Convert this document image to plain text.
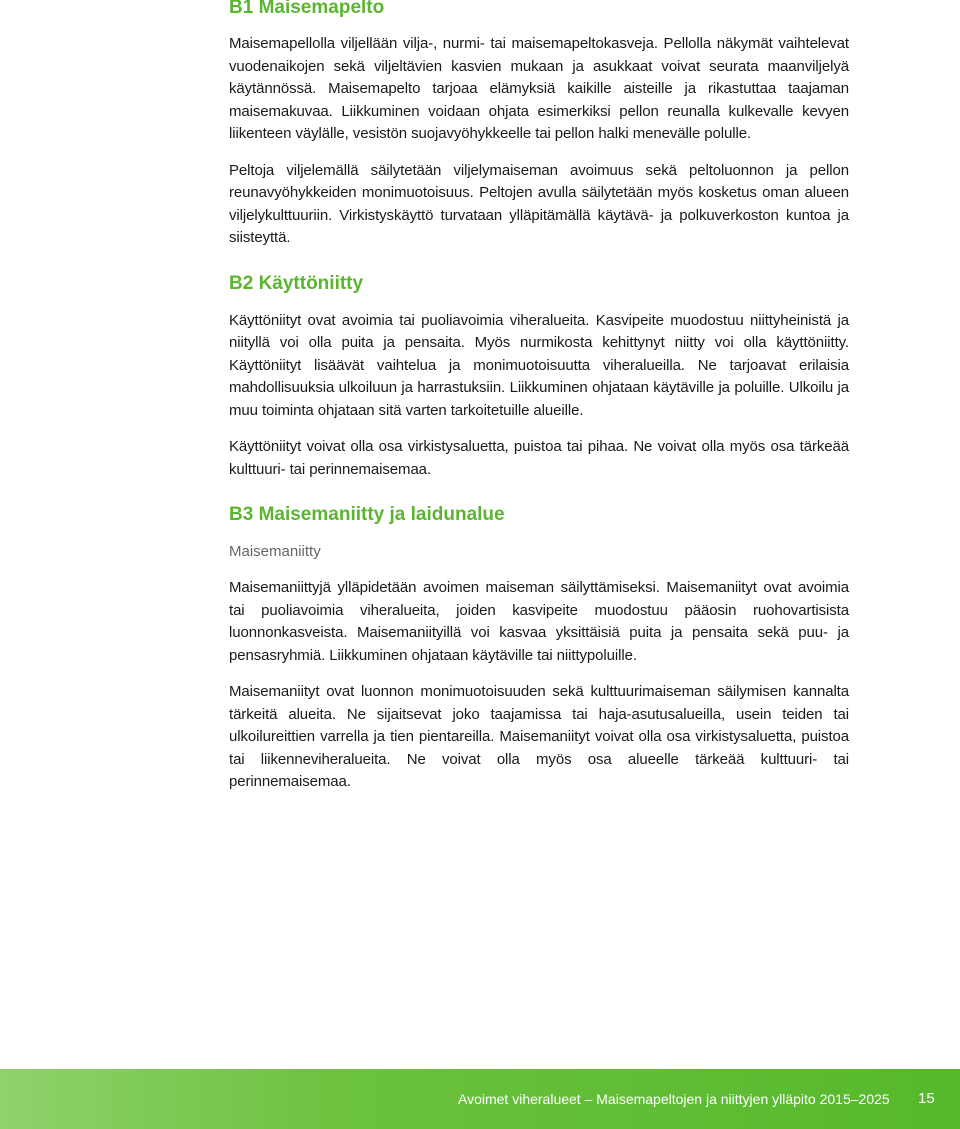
B1 Maisemapelto

Maisemapellolla viljellään vilja-, nurmi- tai maisemapeltokasveja. Pellolla näkymät vaihtelevat vuodenaikojen sekä viljeltävien kasvien mukaan ja asukkaat voivat seurata maanviljelyä käytännössä. Maisemapelto tarjoaa elämyksiä kaikille aisteille ja rikastuttaa taajaman maisemakuvaa. Liikkuminen voidaan ohjata esimerkiksi pellon reunalla kulkevalle kevyen liikenteen väylälle, vesistön suojavyöhykkeelle tai pellon halki menevälle polulle.

Peltoja viljelemällä säilytetään viljelymaiseman avoimuus sekä peltoluonnon ja pellon reunavyöhykkeiden monimuotoisuus. Peltojen avulla säilytetään myös kosketus oman alueen viljelykulttuuriin. Virkistyskäyttö turvataan ylläpitämällä käytävä- ja polkuverkoston kuntoa ja siisteyttä.

B2 Käyttöniitty

Käyttöniityt ovat avoimia tai puoliavoimia viheralueita. Kasvipeite muodostuu niittyheinistä ja niityllä voi olla puita ja pensaita. Myös nurmikosta kehittynyt niitty voi olla käyttöniitty. Käyttöniityt lisäävät vaihtelua ja monimuotoisuutta viheralueilla. Ne tarjoavat erilaisia mahdollisuuksia ulkoiluun ja harrastuksiin. Liikkuminen ohjataan käytäville ja poluille. Ulkoilu ja muu toiminta ohjataan sitä varten tarkoitetuille alueille.

Käyttöniityt voivat olla osa virkistysaluetta, puistoa tai pihaa. Ne voivat olla myös osa tärkeää kulttuuri- tai perinnemaisemaa.

B3 Maisemaniitty ja laidunalue
Maisemaniitty

Maisemaniittyjä ylläpidetään avoimen maiseman säilyttämiseksi. Maisemaniityt ovat avoimia tai puoliavoimia viheralueita, joiden kasvipeite muodostuu pääosin ruohovartisista luonnonkasveista. Maisemaniityillä voi kasvaa yksittäisiä puita ja pensaita sekä puu- ja pensasryhmiä. Liikkuminen ohjataan käytäville tai niittypoluille.

Maisemaniityt ovat luonnon monimuotoisuuden sekä kulttuurimaiseman säilymisen kannalta tärkeitä alueita. Ne sijaitsevat joko taajamissa tai haja-asutusalueilla, usein teiden tai ulkoilureittien varrella ja tien pientareilla. Maisemaniityt voivat olla osa virkistysaluetta, puistoa tai liikenneviheralueita. Ne voivat olla myös osa alueelle tärkeää kulttuuri- tai perinnemaisemaa.

Avoimet viheralueet – Maisemapeltojen ja niittyjen ylläpito 2015–2025 15
